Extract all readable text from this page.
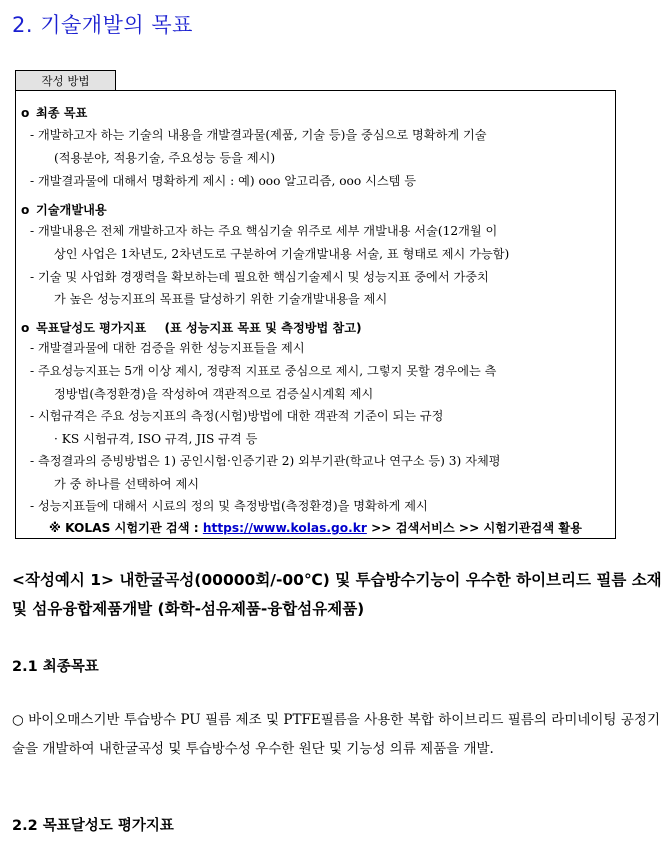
2. 기술개발의 목표
작성 방법
o 최종 목표
- 개발하고자 하는 기술의 내용을 개발결과물(제품, 기술 등)을 중심으로 명확하게 기술
(적용분야, 적용기술, 주요성능 등을 제시)
- 개발결과물에 대해서 명확하게 제시 : 예) ooo 알고리즘, ooo 시스템 등
o 기술개발내용
- 개발내용은 전체 개발하고자 하는 주요 핵심기술 위주로 세부 개발내용 서술(12개월 이
상인 사업은 1차년도, 2차년도로 구분하여 기술개발내용 서술, 표 형태로 제시 가능함)
- 기술 및 사업화 경쟁력을 확보하는데 필요한 핵심기술제시 및 성능지표 중에서 가중치
가 높은 성능지표의 목표를 달성하기 위한 기술개발내용을 제시
o 목표달성도 평가지표 (표 성능지표 목표 및 측정방법 참고)
- 개발결과물에 대한 검증을 위한 성능지표들을 제시
- 주요성능지표는 5개 이상 제시, 정량적 지표로 중심으로 제시, 그렇지 못할 경우에는 측
정방법(측정환경)을 작성하여 객관적으로 검증실시계획 제시
- 시험규격은 주요 성능지표의 측정(시험)방법에 대한 객관적 기준이 되는 규정
· KS 시험규격, ISO 규격, JIS 규격 등
- 측정결과의 증빙방법은 1) 공인시험·인증기관 2) 외부기관(학교나 연구소 등) 3) 자체평
가 중 하나를 선택하여 제시
- 성능지표들에 대해서 시료의 정의 및 측정방법(측정환경)을 명확하게 제시
※ KOLAS 시험기관 검색 : https://www.kolas.go.kr >> 검색서비스 >> 시험기관검색 활용
<작성예시 1> 내한굴곡성(00000회/-00℃) 및 투습방수기능이 우수한 하이브리드 필름 소재 및 섬유융합제품개발 (화학-섬유제품-융합섬유제품)
2.1 최종목표
○ 바이오매스기반 투습방수 PU 필름 제조 및 PTFE필름을 사용한 복합 하이브리드 필름의 라미네이팅 공정기술을 개발하여 내한굴곡성 및 투습방수성 우수한 원단 및 기능성 의류 제품을 개발.
2.2 목표달성도 평가지표
